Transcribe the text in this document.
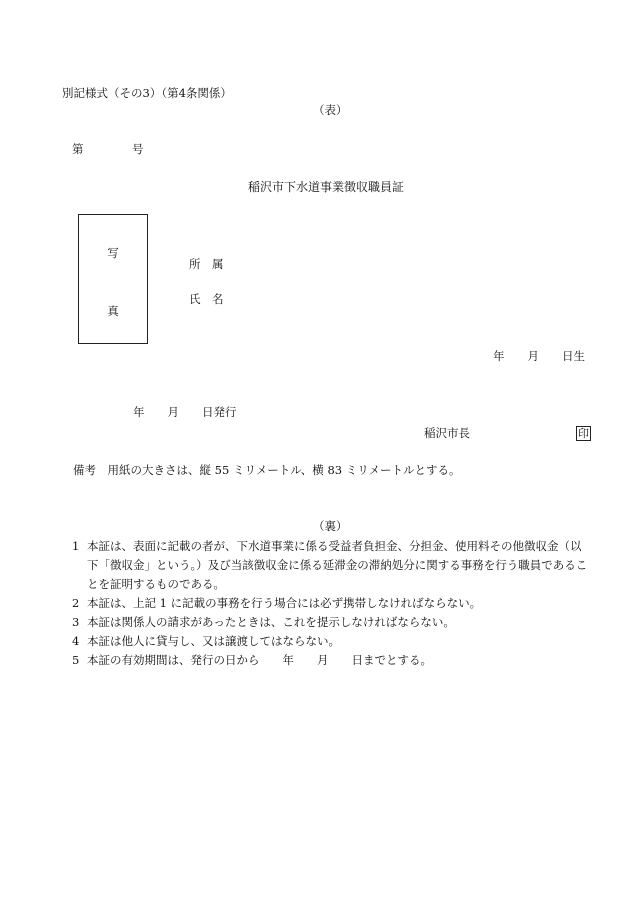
別記様式（その3）（第4条関係）
（表）
第	号
稲沢市下水道事業徴収職員証
写
真
所　属
氏　名
年　　月　　日生
年　　月　　日発行
稲沢市長	印
備考　用紙の大きさは、縦 55 ミリメートル、横 83 ミリメートルとする。
（裏）

1 本証は、表面に記載の者が、下水道事業に係る受益者負担金、分担金、使用料その他徴収金（以下「徴収金」という。）及び当該徴収金に係る延滞金の滞納処分に関する事務を行う職員であることを証明するものである。

2 本証は、上記 1 に記載の事務を行う場合には必ず携帯しなければならない。

3 本証は関係人の請求があったときは、これを提示しなければならない。

4 本証は他人に貸与し、又は譲渡してはならない。

5 本証の有効期間は、発行の日から　　年　　月　　日までとする。
